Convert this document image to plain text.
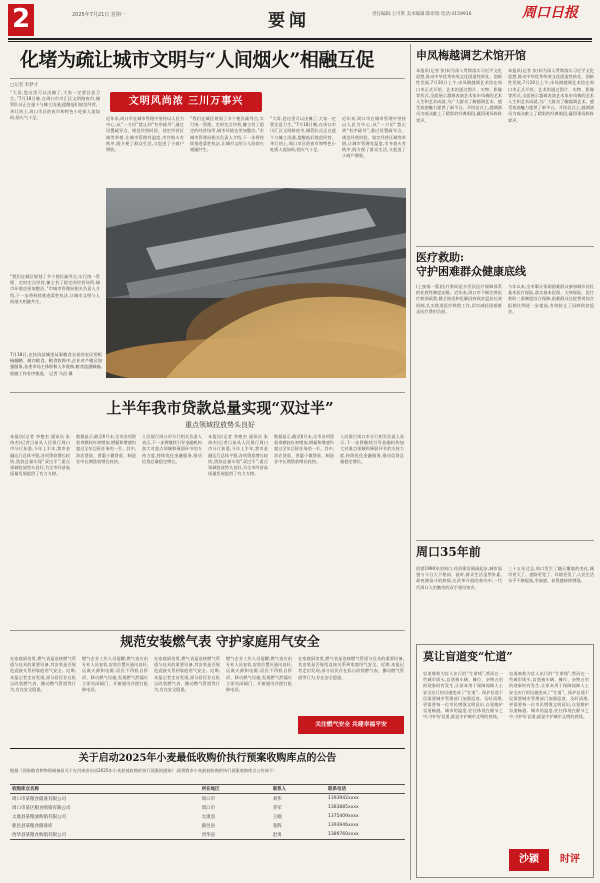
2	2025年7月21日 星期一	要闻	责任编辑:王可系 美术编辑:陈审瑞 电话:4159916	周口日报
化堵为疏让城市文明与“人间烟火”相融互促
□记者 李梦才
“大哥,您这里可以出摊了,大家一定要注意卫生。”7月18日晚,在周口市川汇区文明路夜市,城管队员正在逐个与摊主沟通,提醒他们规范经营。华灯初上,周口市区的夜市和特色小吃街人流如织,烟火气十足。
文明风尚浓 三川万事兴
近年来,周口市在城市管理中坚持以人民为中心,从“一刀切”禁止到“有序疏导”,通过设置疏导点、规范经营时段、划定经营区域等举措,让城市管理有温度,市井烟火有秩序,既方便了群众生活,又促进了小商户增收。
“我们在城区规划了多个便民疏导点,实行统一管理、定时定点经营,摊主有了稳定的经营场所,城市环境也更加整洁。”市城市管理局相关负责人介绍,下一步将持续推进柔性执法,让城市文明与人间烟火相融共生。
“大哥,您这里可以出摊了,大家一定要注意卫生。”7月18日晚,在周口市川汇区文明路夜市,城管队员正在逐个与摊主沟通,提醒他们规范经营。华灯初上,周口市区的夜市和特色小吃街人流如织,烟火气十足。
近年来,周口市在城市管理中坚持以人民为中心,从“一刀切”禁止到“有序疏导”,通过设置疏导点、规范经营时段、划定经营区域等举措,让城市管理有温度,市井烟火有秩序,既方便了群众生活,又促进了小商户增收。
7月18日,在扶沟县城里从事粮食交易的农民用机械翻晒、储存粮食。粮食收购中,企业对产粮区加强服务,各类市场主体积极入市收购,粮食流通顺畅,收储工作有序推进。 记者 马昌 摄
“我们在城区规划了多个便民疏导点,实行统一管理、定时定点经营,摊主有了稳定的经营场所,城市环境也更加整洁。”市城市管理局相关负责人介绍,下一步将持续推进柔性执法,让城市文明与人间烟火相融共生。
上半年我市贷款总量实现“双过半”
重点领域投放势头良好
本报讯(记者 李艳杰 通讯员 朱伟杰)记者日前从人民银行周口市分行获悉,今年上半年,我市金融运行总体平稳,各项贷款增长较快,贷款总量实现“双过半”,重点领域投放势头良好,为全市经济高质量发展提供了有力支撑。
数据显示,截至6月末,全市各项贷款余额较年初增加,增量和增速均超过全年目标任务的一半。其中,涉农贷款、普惠小微贷款、制造业中长期贷款增长较快。
人民银行周口市分行相关负责人表示,下一步将继续引导金融机构加大对重点领域和薄弱环节的支持力度,持续优化金融服务,推动信贷总量稳定增长。
本报讯(记者 李艳杰 通讯员 朱伟杰)记者日前从人民银行周口市分行获悉,今年上半年,我市金融运行总体平稳,各项贷款增长较快,贷款总量实现“双过半”,重点领域投放势头良好,为全市经济高质量发展提供了有力支撑。
数据显示,截至6月末,全市各项贷款余额较年初增加,增量和增速均超过全年目标任务的一半。其中,涉农贷款、普惠小微贷款、制造业中长期贷款增长较快。
人民银行周口市分行相关负责人表示,下一步将继续引导金融机构加大对重点领域和薄弱环节的支持力度,持续优化金融服务,推动信贷总量稳定增长。
规范安装燃气表 守护家庭用气安全
在家庭厨房里,燃气表是连接燃气管道与灶具的重要设备,其安装是否规范直接关系到家庭用气安全。近期,本报记者走访发现,部分居民存在私自改装燃气表、挪动燃气管道等行为,存在安全隐患。
燃气企业工作人员提醒,燃气表应由专业人员安装,安装位置应通风良好,远离火源和电源,居民不得私自拆改、移动燃气设施,发现燃气泄漏应立即关闭阀门、开窗通风并拨打抢修电话。
在家庭厨房里,燃气表是连接燃气管道与灶具的重要设备,其安装是否规范直接关系到家庭用气安全。近期,本报记者走访发现,部分居民存在私自改装燃气表、挪动燃气管道等行为,存在安全隐患。
燃气企业工作人员提醒,燃气表应由专业人员安装,安装位置应通风良好,远离火源和电源,居民不得私自拆改、移动燃气设施,发现燃气泄漏应立即关闭阀门、开窗通风并拨打抢修电话。
在家庭厨房里,燃气表是连接燃气管道与灶具的重要设备,其安装是否规范直接关系到家庭用气安全。近期,本报记者走访发现,部分居民存在私自改装燃气表、挪动燃气管道等行为,存在安全隐患。
关注燃气安全 共建幸福平安
关于启动2025年小麦最低收购价执行预案收购库点的公告
根据《国家粮食和物资储备局关于在河南省启动2025年小麦最低收购价执行预案的通知》,现将我市小麦最低收购价执行预案收购库点公告如下:
收购库点名称	所在地区	联系人	联系电话
周口市某粮食储备有限公司	周口市	刘伟	1393942xxxx
周口市某区粮食购销有限公司	周口市	李军	1383885xxxx
太康县某粮油购销有限公司	太康县	王刚	1375409xxxx
鹿邑县某粮食储备库	鹿邑县	张辉	1393946xxxx
西华县某粮食购销有限公司	西华县	赵勇	1389760xxxx
申凤梅越调艺术馆开馆
本报讯(记者 张伟)为深入贯彻落实习近平文化思想,推动中华优秀传统文化创造性转化、创新性发展,7月20日上午,申凤梅越调艺术馆在周口市正式开馆。艺术馆通过图片、实物、影像等形式,全面展示越调表演艺术家申凤梅的艺术人生和艺术成就,为广大群众了解越调艺术、感受戏曲魅力提供了新平台。开馆仪式上,越调演员为观众献上了精彩的经典唱段,赢得现场阵阵掌声。
本报讯(记者 张伟)为深入贯彻落实习近平文化思想,推动中华优秀传统文化创造性转化、创新性发展,7月20日上午,申凤梅越调艺术馆在周口市正式开馆。艺术馆通过图片、实物、影像等形式,全面展示越调表演艺术家申凤梅的艺术人生和艺术成就,为广大群众了解越调艺术、感受戏曲魅力提供了新平台。开馆仪式上,越调演员为观众献上了精彩的经典唱段,赢得现场阵阵掌声。
医疗救助:
守护困难群众健康底线
(上接第一版)医疗救助是多层次医疗保障体系的托底性制度安排。近年来,周口市不断完善医疗救助政策,健全防范和化解因病致贫返贫长效机制,扎实推进医疗救助工作,切实减轻困难群众医疗费用负担。
今年以来,全市累计资助困难群众参加城乡居民基本医疗保险,落实基本医保、大病保险、医疗救助三重制度综合保障,困难群众住院费用综合报销比例进一步提高,有效防止了因病致贫返贫。
周口35年前
回望1990年的周口,经济建设刚刚起步,城市面貌与今日大不相同。彼时,群众生活虽然朴素,却充满奋斗的热情,在改革开放的春风中,一代代周口人用勤劳的双手建设家乡。
三十五年过去,周口发生了翻天覆地的变化,城市更大了、道路更宽了、环境更美了,人民生活水平不断提高,幸福感、获得感持续增强。
莫让盲道变“忙道”
盲道被称为盲人出行的“生命线”,然而在一些城市街头,盲道被车辆、摊位、杂物占用的现象时有发生,让原本用于保障视障人士安全出行的设施变成了“忙道”。保护盲道不仅需要城市管理部门加强巡查、及时清理,更需要每一位市民增强文明意识,自觉维护盲道畅通。城市的温度,往往体现在细节之中,守护好盲道,就是守护城市文明的底线。
盲道被称为盲人出行的“生命线”,然而在一些城市街头,盲道被车辆、摊位、杂物占用的现象时有发生,让原本用于保障视障人士安全出行的设施变成了“忙道”。保护盲道不仅需要城市管理部门加强巡查、及时清理,更需要每一位市民增强文明意识,自觉维护盲道畅通。城市的温度,往往体现在细节之中,守护好盲道,就是守护城市文明的底线。
沙颍	时评
